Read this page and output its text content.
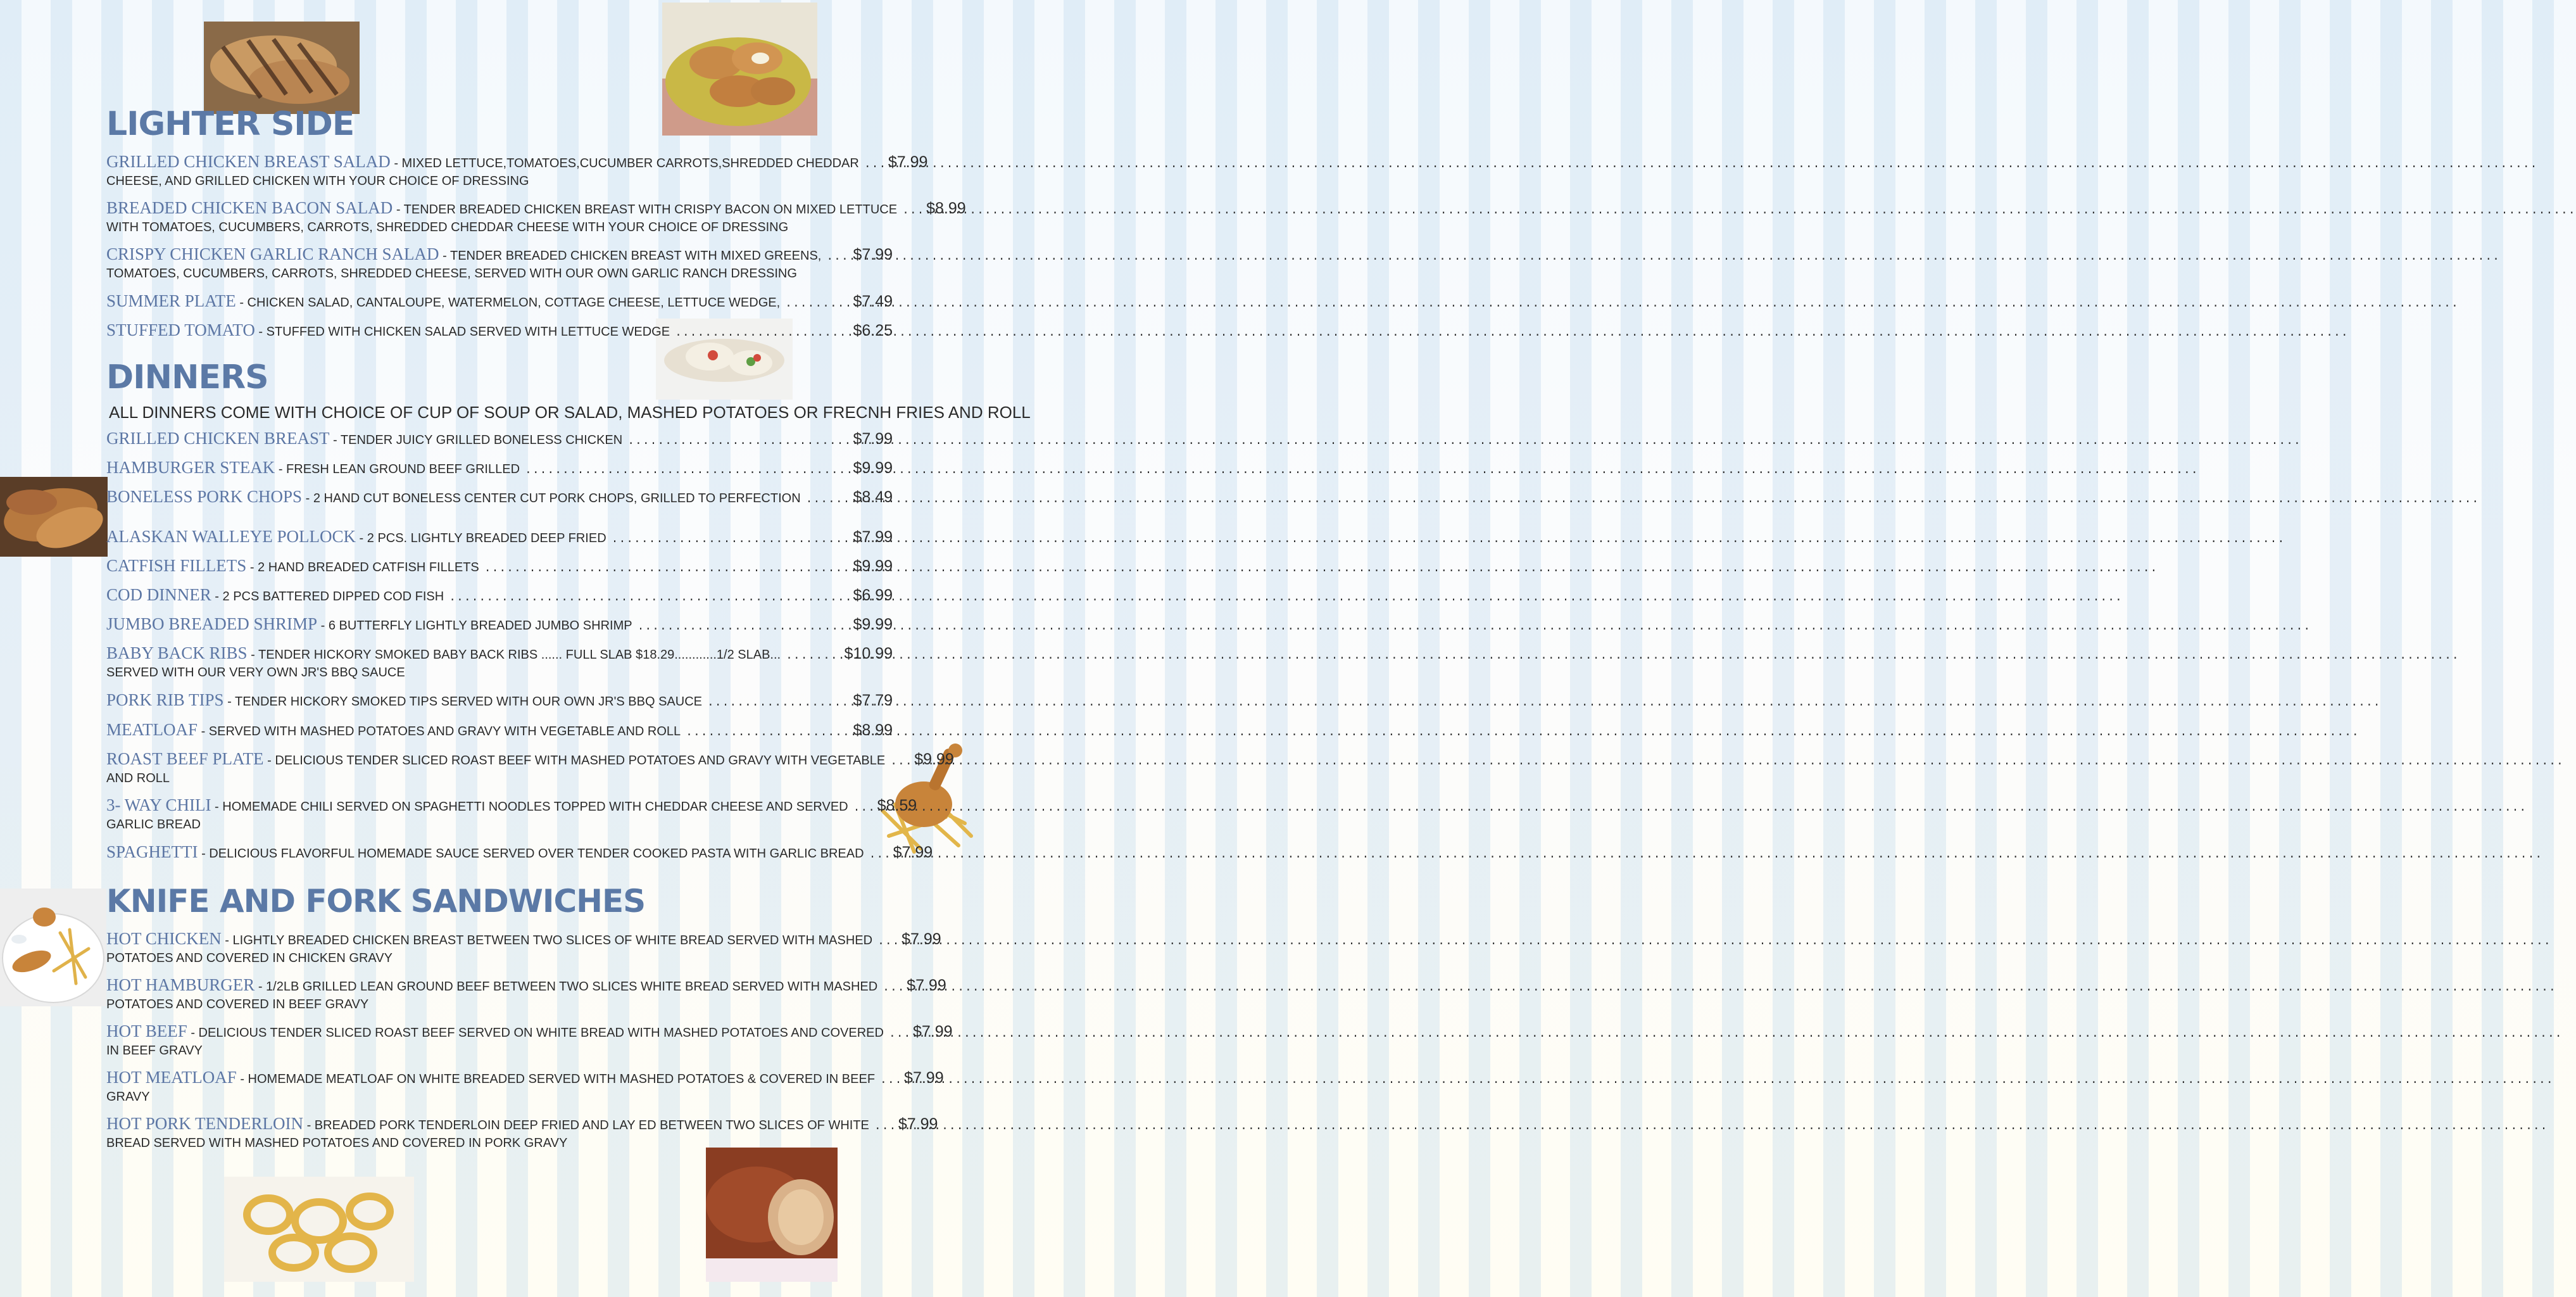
LIGHTER SIDE
DINNERS
ALL DINNERS COME WITH CHOICE OF CUP OF SOUP OR SALAD, MASHED POTATOES OR FRECNH FRIES AND ROLL
KNIFE AND FORK SANDWICHES
GRILLED CHICKEN BREAST SALAD - MIXED LETTUCE,TOMATOES,CUCUMBER CARROTS,SHREDDED CHEDDAR ..... $7.99
CHEESE, AND GRILLED CHICKEN WITH YOUR CHOICE OF DRESSING
BREADED CHICKEN BACON SALAD - TENDER BREADED CHICKEN BREAST WITH CRISPY BACON ON MIXED LETTUCE ..... $8.99
WITH TOMATOES, CUCUMBERS, CARROTS, SHREDDED CHEDDAR CHEESE WITH YOUR CHOICE OF DRESSING
CRISPY CHICKEN GARLIC RANCH SALAD - TENDER BREADED CHICKEN BREAST WITH MIXED GREENS, ..... $7.99
TOMATOES, CUCUMBERS, CARROTS, SHREDDED CHEESE, SERVED WITH OUR OWN GARLIC RANCH DRESSING
SUMMER PLATE - CHICKEN SALAD, CANTALOUPE, WATERMELON, COTTAGE CHEESE, LETTUCE WEDGE, .....	$7.49
STUFFED TOMATO - STUFFED WITH CHICKEN SALAD SERVED WITH LETTUCE WEDGE .....	$6.25
GRILLED CHICKEN BREAST - TENDER JUICY GRILLED BONELESS CHICKEN .....	$7.99
HAMBURGER STEAK - FRESH LEAN GROUND BEEF GRILLED .....	$9.99
BONELESS PORK CHOPS - 2 HAND CUT BONELESS CENTER CUT PORK CHOPS, GRILLED TO PERFECTION .....	$8.49
ALASKAN WALLEYE POLLOCK - 2 PCS. LIGHTLY BREADED DEEP FRIED .....	$7.99
CATFISH FILLETS - 2 HAND BREADED CATFISH FILLETS .....	$9.99
COD DINNER - 2 PCS BATTERED DIPPED COD FISH .....	$6.99
JUMBO BREADED SHRIMP - 6 BUTTERFLY LIGHTLY BREADED JUMBO SHRIMP .....	$9.99
BABY BACK RIBS - TENDER HICKORY SMOKED BABY BACK RIBS ...... FULL SLAB $18.29............1/2 SLAB... .....	$10.99
SERVED WITH OUR VERY OWN JR'S BBQ SAUCE
PORK RIB TIPS - TENDER HICKORY SMOKED TIPS SERVED WITH OUR OWN JR'S BBQ SAUCE .....	$7.79
MEATLOAF - SERVED WITH MASHED POTATOES AND GRAVY WITH VEGETABLE AND ROLL .....	$8.99
ROAST BEEF PLATE - DELICIOUS TENDER SLICED ROAST BEEF WITH MASHED POTATOES AND GRAVY WITH VEGETABLE ..... $9.99
AND ROLL
3- WAY CHILI - HOMEMADE CHILI SERVED ON SPAGHETTI NOODLES TOPPED WITH CHEDDAR CHEESE AND SERVED ..... $8.59
GARLIC BREAD
SPAGHETTI - DELICIOUS FLAVORFUL HOMEMADE SAUCE SERVED OVER TENDER COOKED PASTA WITH GARLIC BREAD ..... $7.99
HOT CHICKEN - LIGHTLY BREADED CHICKEN BREAST BETWEEN TWO SLICES OF WHITE BREAD SERVED WITH MASHED ..... $7.99
POTATOES AND COVERED IN CHICKEN GRAVY
HOT HAMBURGER - 1/2LB GRILLED LEAN GROUND BEEF BETWEEN TWO SLICES WHITE BREAD SERVED WITH MASHED ..... $7.99
POTATOES AND COVERED IN BEEF GRAVY
HOT BEEF - DELICIOUS TENDER SLICED ROAST BEEF SERVED ON WHITE BREAD WITH MASHED POTATOES AND COVERED ..... $7.99
IN BEEF GRAVY
HOT MEATLOAF - HOMEMADE MEATLOAF ON WHITE BREADED SERVED WITH MASHED POTATOES & COVERED IN BEEF ..... $7.99
GRAVY
HOT PORK TENDERLOIN - BREADED PORK TENDERLOIN DEEP FRIED AND LAY ED BETWEEN TWO SLICES OF WHITE ..... $7.99
BREAD SERVED WITH MASHED POTATOES AND COVERED IN PORK GRAVY
